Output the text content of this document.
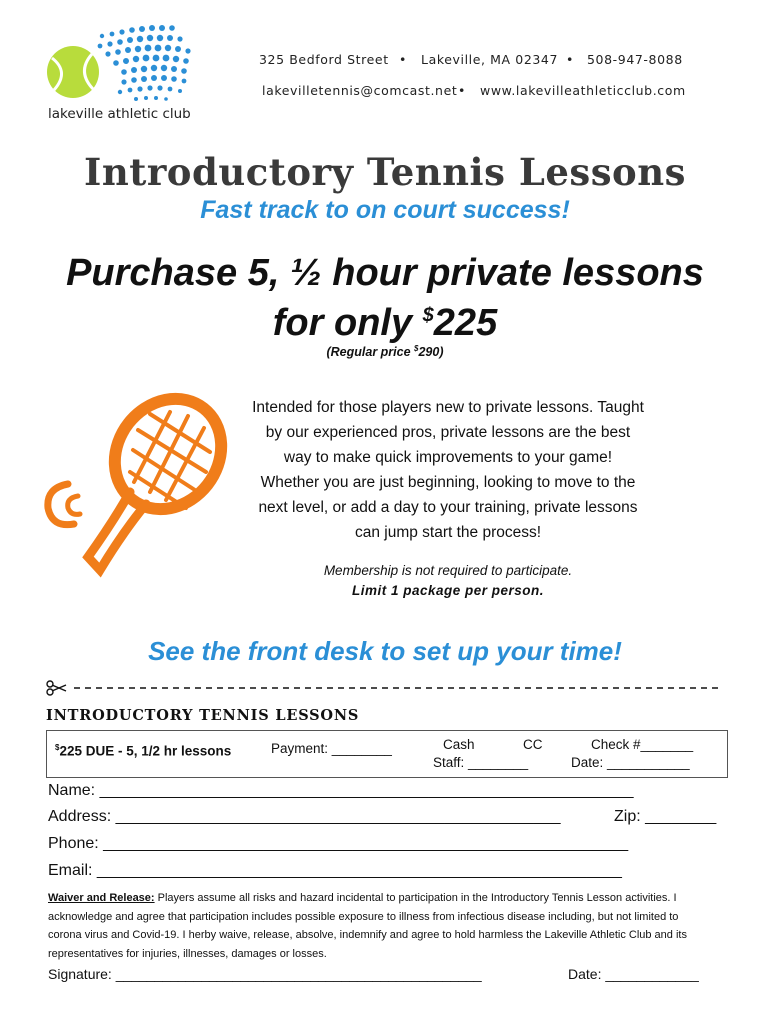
lakeville athletic club
325 Bedford Street • Lakeville, MA 02347 • 508-947-8088
lakevilletennis@comcast.net • www.lakevilleathleticclub.com
Introductory Tennis Lessons
Fast track to on court success!
Purchase 5, ½ hour private lessons
for only $225
(Regular price $290)
Intended for those players new to private lessons. Taught
by our experienced pros, private lessons are the best
way to make quick improvements to your game!
Whether you are just beginning, looking to move to the
next level, or add a day to your training, private lessons
can jump start the process!
Membership is not required to participate.
Limit 1 package per person.
See the front desk to set up your time!
INTRODUCTORY TENNIS LESSONS
$225 DUE - 5, 1/2 hr lessons	Payment: ________	Cash	CC	Check #_______
Staff: ________	Date: ___________
Name: ____________________________________________________________
Address: __________________________________________________	Zip: ________
Phone: ___________________________________________________________
Email: ___________________________________________________________
Waiver and Release: Players assume all risks and hazard incidental to participation in the Introductory Tennis Lesson activities. I
acknowledge and agree that participation includes possible exposure to illness from infectious disease including, but not limited to
corona virus and Covid-19. I herby waive, release, absolve, indemnify and agree to hold harmless the Lakeville Athletic Club and its
representatives for injuries, illnesses, damages or losses.
Signature: _______________________________________________	Date: ____________
